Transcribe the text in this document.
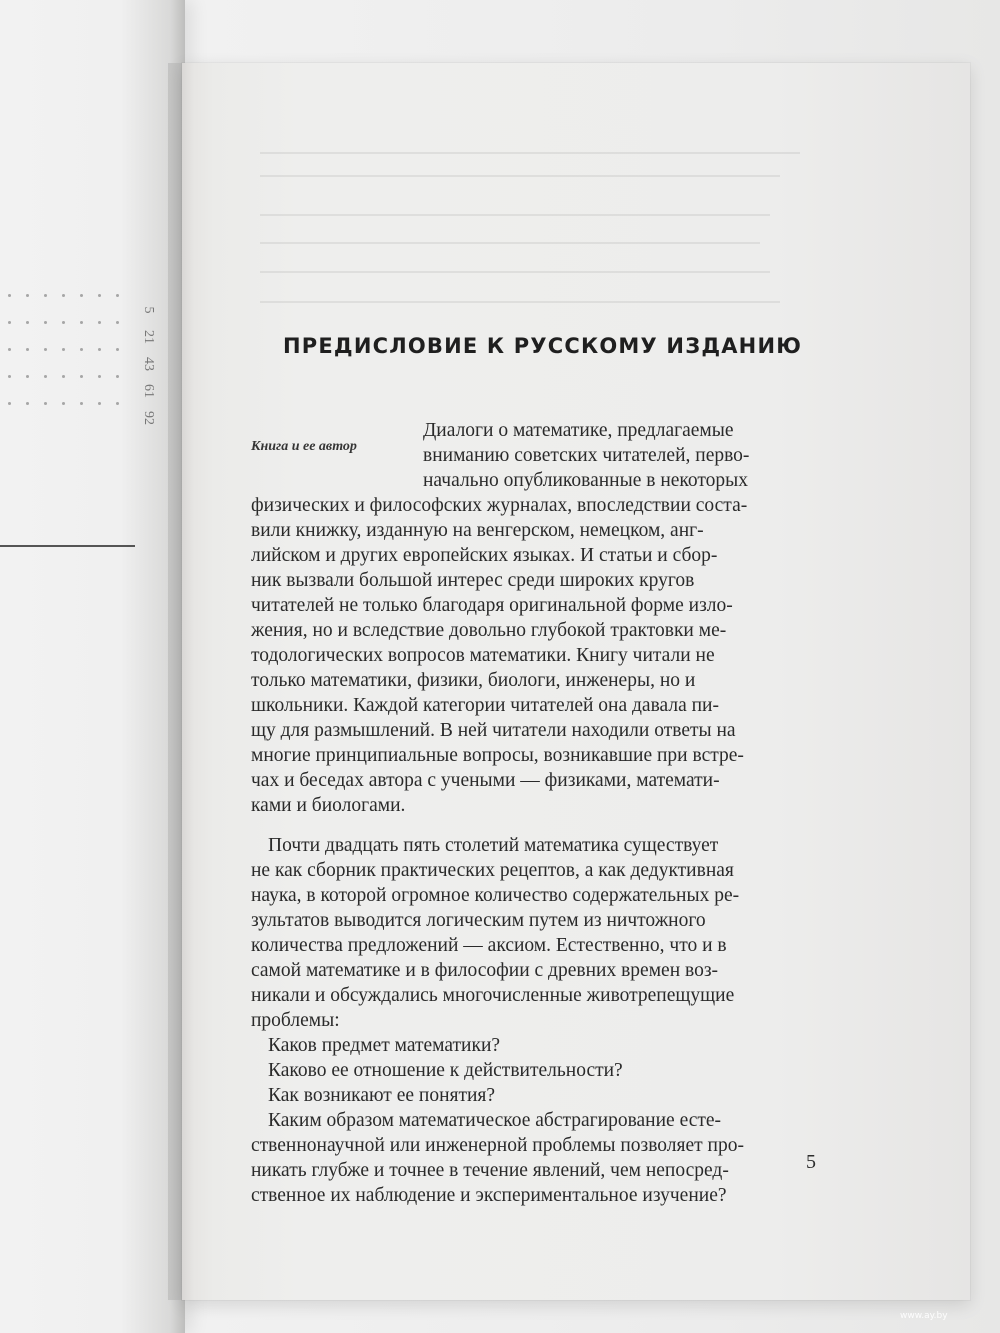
5
21
43
61
92
ПРЕДИСЛОВИЕ К РУССКОМУ ИЗДАНИЮ
Книга и ее автор

Диалоги о математике, предлагаемые

вниманию советских читателей, перво-

начально опубликованные в некоторых

физических и философских журналах, впоследствии соста-

вили книжку, изданную на венгерском, немецком, анг-

лийском и других европейских языках. И статьи и сбор-

ник вызвали большой интерес среди широких кругов

читателей не только благодаря оригинальной форме изло-

жения, но и вследствие довольно глубокой трактовки ме-

тодологических вопросов математики. Книгу читали не

только математики, физики, биологи, инженеры, но и

школьники. Каждой категории читателей она давала пи-

щу для размышлений. В ней читатели находили ответы на

многие принципиальные вопросы, возникавшие при встре-

чах и беседах автора с учеными — физиками, математи-

ками и биологами.

Почти двадцать пять столетий математика существует

не как сборник практических рецептов, а как дедуктивная

наука, в которой огромное количество содержательных ре-

зультатов выводится логическим путем из ничтожного

количества предложений — аксиом. Естественно, что и в

самой математике и в философии с древних времен воз-

никали и обсуждались многочисленные животрепещущие

проблемы:

Каков предмет математики?

Каково ее отношение к действительности?

Как возникают ее понятия?

Каким образом математическое абстрагирование есте-

ственнонаучной или инженерной проблемы позволяет про-

никать глубже и точнее в течение явлений, чем непосред-

ственное их наблюдение и экспериментальное изучение?

5
www.ay.by
